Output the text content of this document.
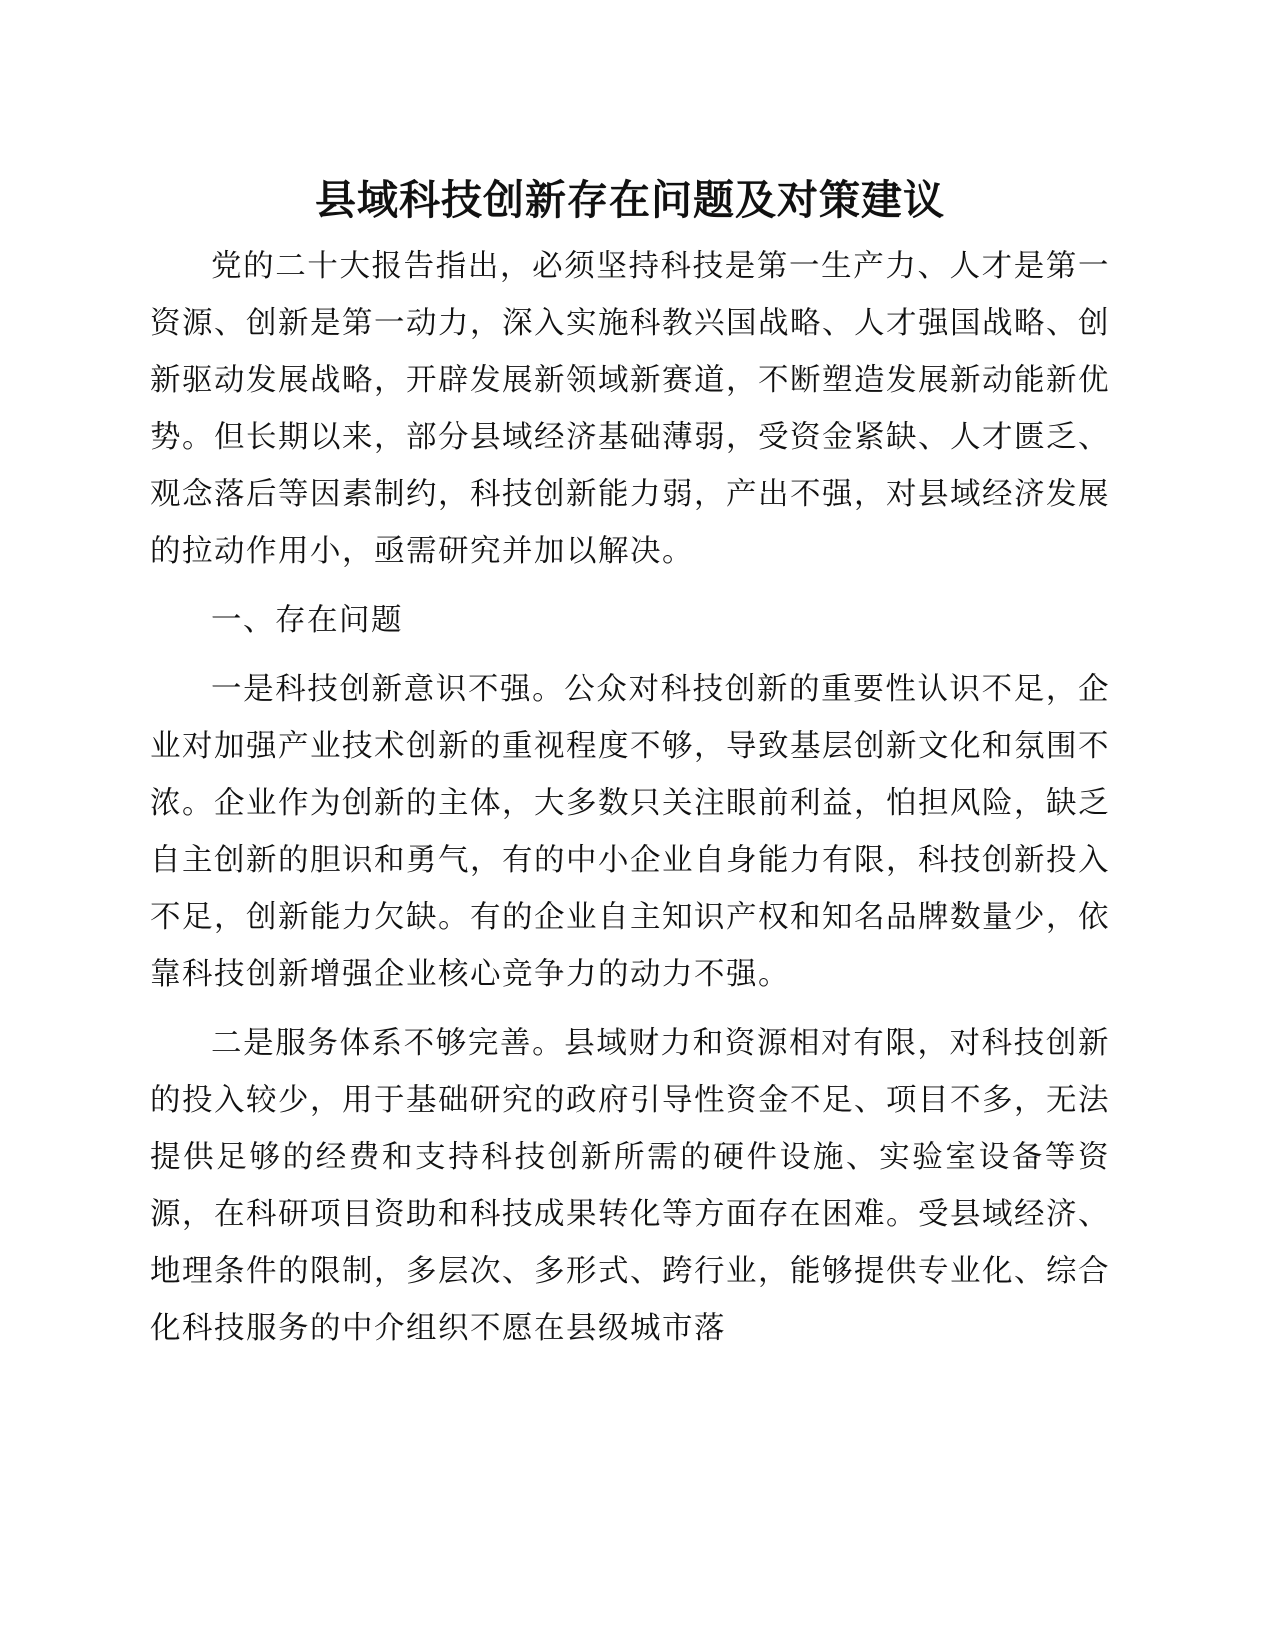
县域科技创新存在问题及对策建议

党的二十大报告指出，必须坚持科技是第一生产力、人才是第一资源、创新是第一动力，深入实施科教兴国战略、人才强国战略、创新驱动发展战略，开辟发展新领域新赛道，不断塑造发展新动能新优势。但长期以来，部分县域经济基础薄弱，受资金紧缺、人才匮乏、观念落后等因素制约，科技创新能力弱，产出不强，对县域经济发展的拉动作用小，亟需研究并加以解决。

一、存在问题

一是科技创新意识不强。公众对科技创新的重要性认识不足，企业对加强产业技术创新的重视程度不够，导致基层创新文化和氛围不浓。企业作为创新的主体，大多数只关注眼前利益，怕担风险，缺乏自主创新的胆识和勇气，有的中小企业自身能力有限，科技创新投入不足，创新能力欠缺。有的企业自主知识产权和知名品牌数量少，依靠科技创新增强企业核心竞争力的动力不强。

二是服务体系不够完善。县域财力和资源相对有限，对科技创新的投入较少，用于基础研究的政府引导性资金不足、项目不多，无法提供足够的经费和支持科技创新所需的硬件设施、实验室设备等资源，在科研项目资助和科技成果转化等方面存在困难。受县域经济、地理条件的限制，多层次、多形式、跨行业，能够提供专业化、综合化科技服务的中介组织不愿在县级城市落
